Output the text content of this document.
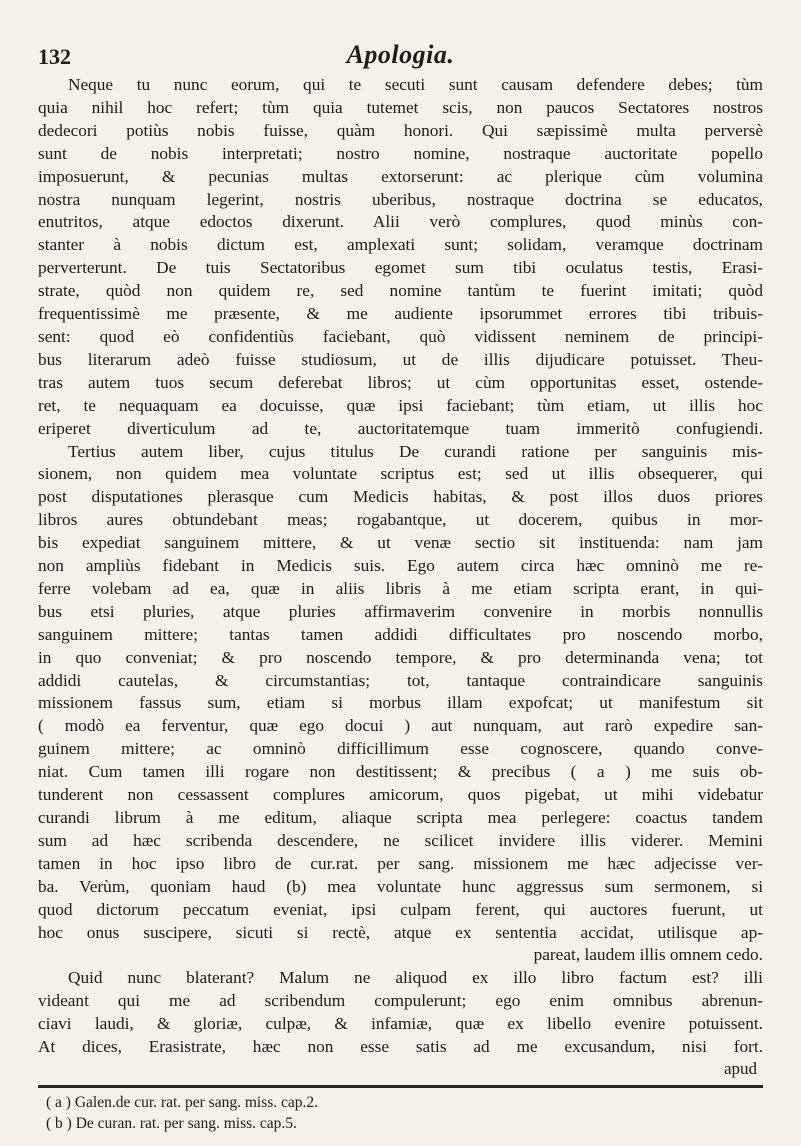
132	Apologia.
Neque tu nunc eorum, qui te secuti sunt causam defendere debes; tùm
quia nihil hoc refert; tùm quia tutemet scis, non paucos Sectatores nostros
dedecori potiùs nobis fuisse, quàm honori. Qui sæpissimè multa perversè
sunt de nobis interpretati; nostro nomine, nostraque auctoritate popello
imposuerunt, & pecunias multas extorserunt: ac plerique cùm volumina
nostra nunquam legerint, nostris uberibus, nostraque doctrina se educatos,
enutritos, atque edoctos dixerunt. Alii verò complures, quod minùs con-
stanter à nobis dictum est, amplexati sunt; solidam, veramque doctrinam
perverterunt. De tuis Sectatoribus egomet sum tibi oculatus testis, Erasi-
strate, quòd non quidem re, sed nomine tantùm te fuerint imitati; quòd
frequentissimè me præsente, & me audiente ipsorummet errores tibi tribuis-
sent: quod eò confidentiùs faciebant, quò vidissent neminem de principi-
bus literarum adeò fuisse studiosum, ut de illis dijudicare potuisset. Theu-
tras autem tuos secum deferebat libros; ut cùm opportunitas esset, ostende-
ret, te nequaquam ea docuisse, quæ ipsi faciebant; tùm etiam, ut illis hoc
eriperet diverticulum ad te, auctoritatemque tuam immeritò confugiendi.
Tertius autem liber, cujus titulus De curandi ratione per sanguinis mis-
sionem, non quidem mea voluntate scriptus est; sed ut illis obsequerer, qui
post disputationes plerasque cum Medicis habitas, & post illos duos priores
libros aures obtundebant meas; rogabantque, ut docerem, quibus in mor-
bis expediat sanguinem mittere, & ut venæ sectio sit instituenda: nam jam
non ampliùs fidebant in Medicis suis. Ego autem circa hæc omninò me re-
ferre volebam ad ea, quæ in aliis libris à me etiam scripta erant, in qui-
bus etsi pluries, atque pluries affirmaverim convenire in morbis nonnullis
sanguinem mittere; tantas tamen addidi difficultates pro noscendo morbo,
in quo conveniat; & pro noscendo tempore, & pro determinanda vena; tot
addidi cautelas, & circumstantias; tot, tantaque contraindicare sanguinis
missionem fassus sum, etiam si morbus illam expofcat; ut manifestum sit
( modò ea ferventur, quæ ego docui ) aut nunquam, aut rarò expedire san-
guinem mittere; ac omninò difficillimum esse cognoscere, quando conve-
niat. Cum tamen illi rogare non destitissent; & precibus ( a ) me suis ob-
tunderent non cessassent complures amicorum, quos pigebat, ut mihi videbatur
curandi librum à me editum, aliaque scripta mea perlegere: coactus tandem
sum ad hæc scribenda descendere, ne scilicet invidere illis viderer. Memini
tamen in hoc ipso libro de cur.rat. per sang. missionem me hæc adjecisse ver-
ba. Verùm, quoniam haud (b) mea voluntate hunc aggressus sum sermonem, si
quod dictorum peccatum eveniat, ipsi culpam ferent, qui auctores fuerunt, ut
hoc onus suscipere, sicuti si rectè, atque ex sententia accidat, utilisque ap-
pareat, laudem illis omnem cedo.
Quid nunc blaterant? Malum ne aliquod ex illo libro factum est? illi
videant qui me ad scribendum compulerunt; ego enim omnibus abrenun-
ciavi laudi, & gloriæ, culpæ, & infamiæ, quæ ex libello evenire potuissent.
At dices, Erasistrate, hæc non esse satis ad me excusandum, nisi fort.
apud
( a ) Galen.de cur. rat. per sang. miss. cap.2.
( b ) De curan. rat. per sang. miss. cap.5.
